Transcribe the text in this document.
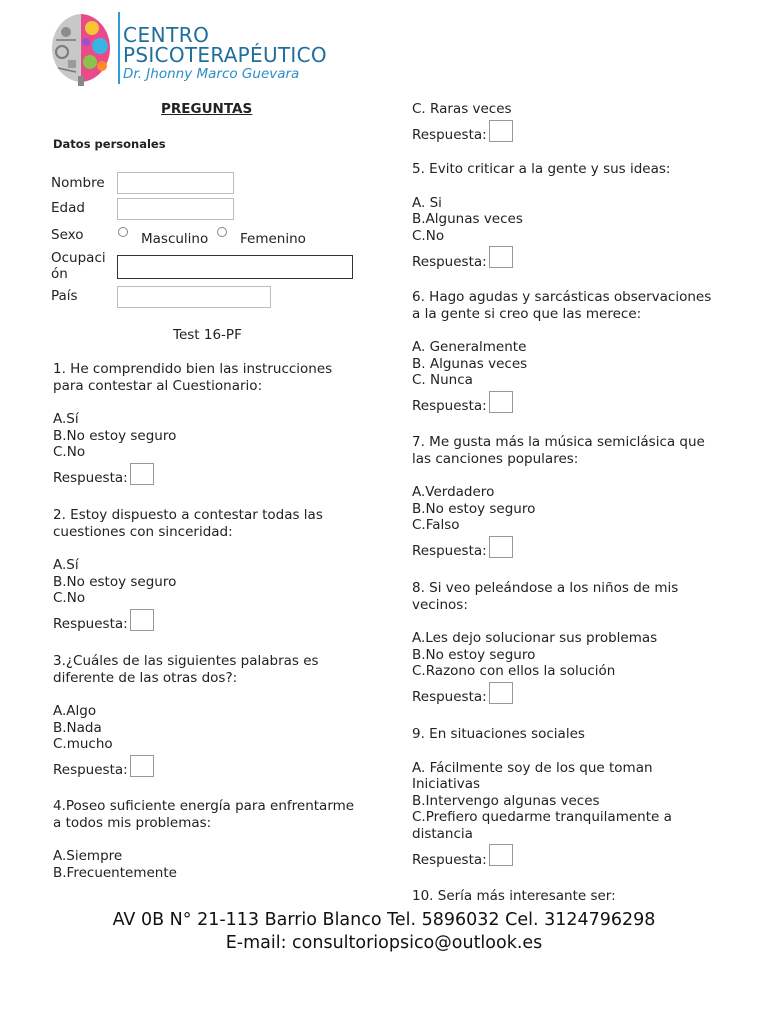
CENTRO
PSICOTERAPÉUTICO
Dr. Jhonny Marco Guevara
PREGUNTAS
Datos personales
Nombre
Edad
Sexo	Masculino Femenino
Ocupaci
ón
País
Test 16-PF
1. He comprendido bien las instrucciones
para contestar al Cuestionario:
A.Sí
B.No estoy seguro
C.No
Respuesta:
2. Estoy dispuesto a contestar todas las
cuestiones con sinceridad:
A.Sí
B.No estoy seguro
C.No
Respuesta:
3.¿Cuáles de las siguientes palabras es
diferente de las otras dos?:
A.Algo
B.Nada
C.mucho
Respuesta:
4.Poseo suficiente energía para enfrentarme
a todos mis problemas:
A.Siempre
B.Frecuentemente
C. Raras veces
Respuesta:
5. Evito criticar a la gente y sus ideas:
A. Si
B.Algunas veces
C.No
Respuesta:
6. Hago agudas y sarcásticas observaciones
a la gente si creo que las merece:
A. Generalmente
B. Algunas veces
C. Nunca
Respuesta:
7. Me gusta más la música semiclásica que
las canciones populares:
A.Verdadero
B.No estoy seguro
C.Falso
Respuesta:
8. Si veo peleándose a los niños de mis
vecinos:
A.Les dejo solucionar sus problemas
B.No estoy seguro
C.Razono con ellos la solución
Respuesta:
9. En situaciones sociales
A. Fácilmente soy de los que toman
Iniciativas
B.Intervengo algunas veces
C.Prefiero quedarme tranquilamente a
distancia
Respuesta:
10. Sería más interesante ser:
AV 0B N° 21-113 Barrio Blanco Tel. 5896032 Cel. 3124796298
E-mail: consultoriopsico@outlook.es
